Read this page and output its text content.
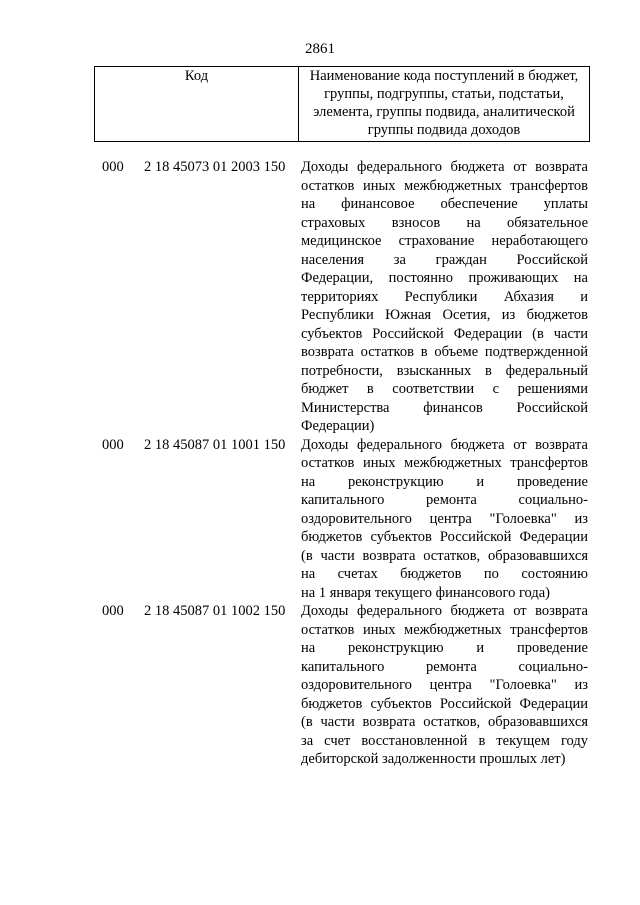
2861
Код	Наименование кода поступлений в бюджет,
группы, подгруппы, статьи, подстатьи,
элемента, группы подвида, аналитической
группы подвида доходов
000 2 18 45073 01 2003 150 Доходы федерального бюджета от возврата
остатков иных межбюджетных трансфертов
на финансовое обеспечение уплаты
страховых взносов на обязательное
медицинское страхование неработающего
населения за граждан Российской
Федерации, постоянно проживающих на
территориях Республики Абхазия и
Республики Южная Осетия, из бюджетов
субъектов Российской Федерации (в части
возврата остатков в объеме подтвержденной
потребности, взысканных в федеральный
бюджет в соответствии с решениями
Министерства финансов Российской
Федерации)
000 2 18 45087 01 1001 150 Доходы федерального бюджета от возврата
остатков иных межбюджетных трансфертов
на реконструкцию и проведение
капитального ремонта социально-
оздоровительного центра "Голоевка" из
бюджетов субъектов Российской Федерации
(в части возврата остатков, образовавшихся
на счетах бюджетов по состоянию
на 1 января текущего финансового года)
000 2 18 45087 01 1002 150 Доходы федерального бюджета от возврата
остатков иных межбюджетных трансфертов
на реконструкцию и проведение
капитального ремонта социально-
оздоровительного центра "Голоевка" из
бюджетов субъектов Российской Федерации
(в части возврата остатков, образовавшихся
за счет восстановленной в текущем году
дебиторской задолженности прошлых лет)
